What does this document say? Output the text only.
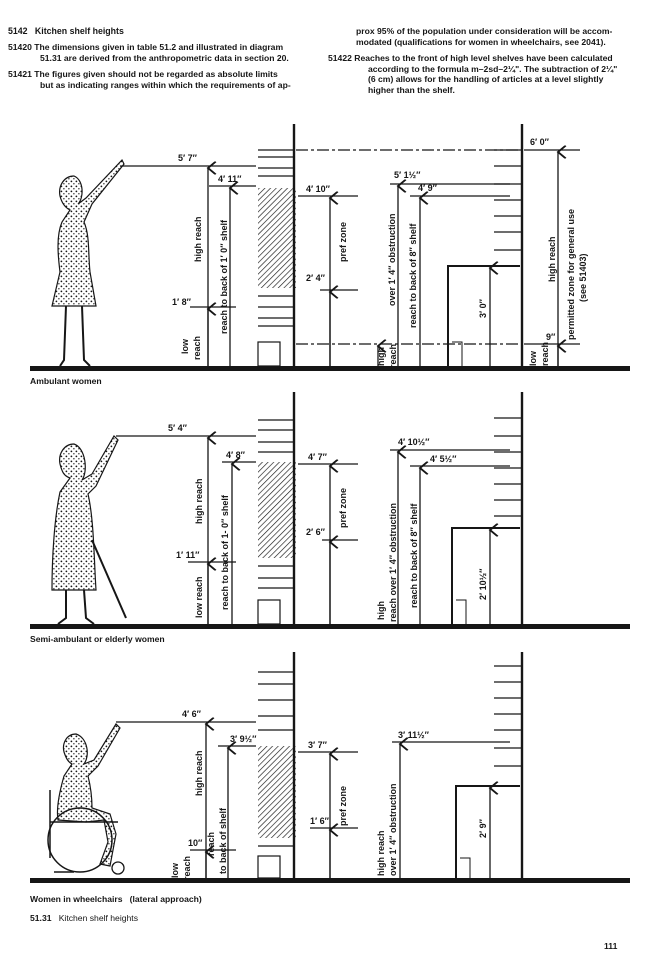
5142 Kitchen shelf heights
51420 The dimensions given in table 51.2 and illustrated in diagram
51.31 are derived from the anthropometric data in section 20.
51421 The figures given should not be regarded as absolute limits
but as indicating ranges within which the requirements of ap-
prox 95% of the population under consideration will be accom-
modated (qualifications for women in wheelchairs, see 2041).
51422 Reaches to the front of high level shelves have been calculated
according to the formula m–2sd–2¼". The subtraction of 2¼"
(6 cm) allows for the handling of articles at a level slightly
higher than the shelf.
5′ 7″
4′ 11″
4′ 10″
2′ 4″
1′ 8″
5′ 1½″
4′ 9″
6′ 0″
9″
3′ 0″
high reach
low reach
reach to back of 1′ 0″ shelf	pref zone	over 1′ 4″ obstruction reach to back of 8″ shelf
high reach
high reach
low reach
permitted zone for general use (see 51403)
5′ 4″
4′ 8″	4′ 7″
2′ 6″
1′ 11″
4′ 10½″
4′ 5½″
2′ 10½″
high reach
low reach reach to back of 1- 0″ shelf	pref zone
high reach over 1′ 4″ obstruction reach to back of 8″ shelf
4′ 6″
3′ 9½″
3′ 7″
1′ 6″
10″
3′ 11½″
2′ 9″
high reach
low reach
reach to back of shelf
pref zone
high reach over 1′ 4″ obstruction
Ambulant women
Semi-ambulant or elderly women
Women in wheelchairs   (lateral approach)
51.31 Kitchen shelf heights
111
